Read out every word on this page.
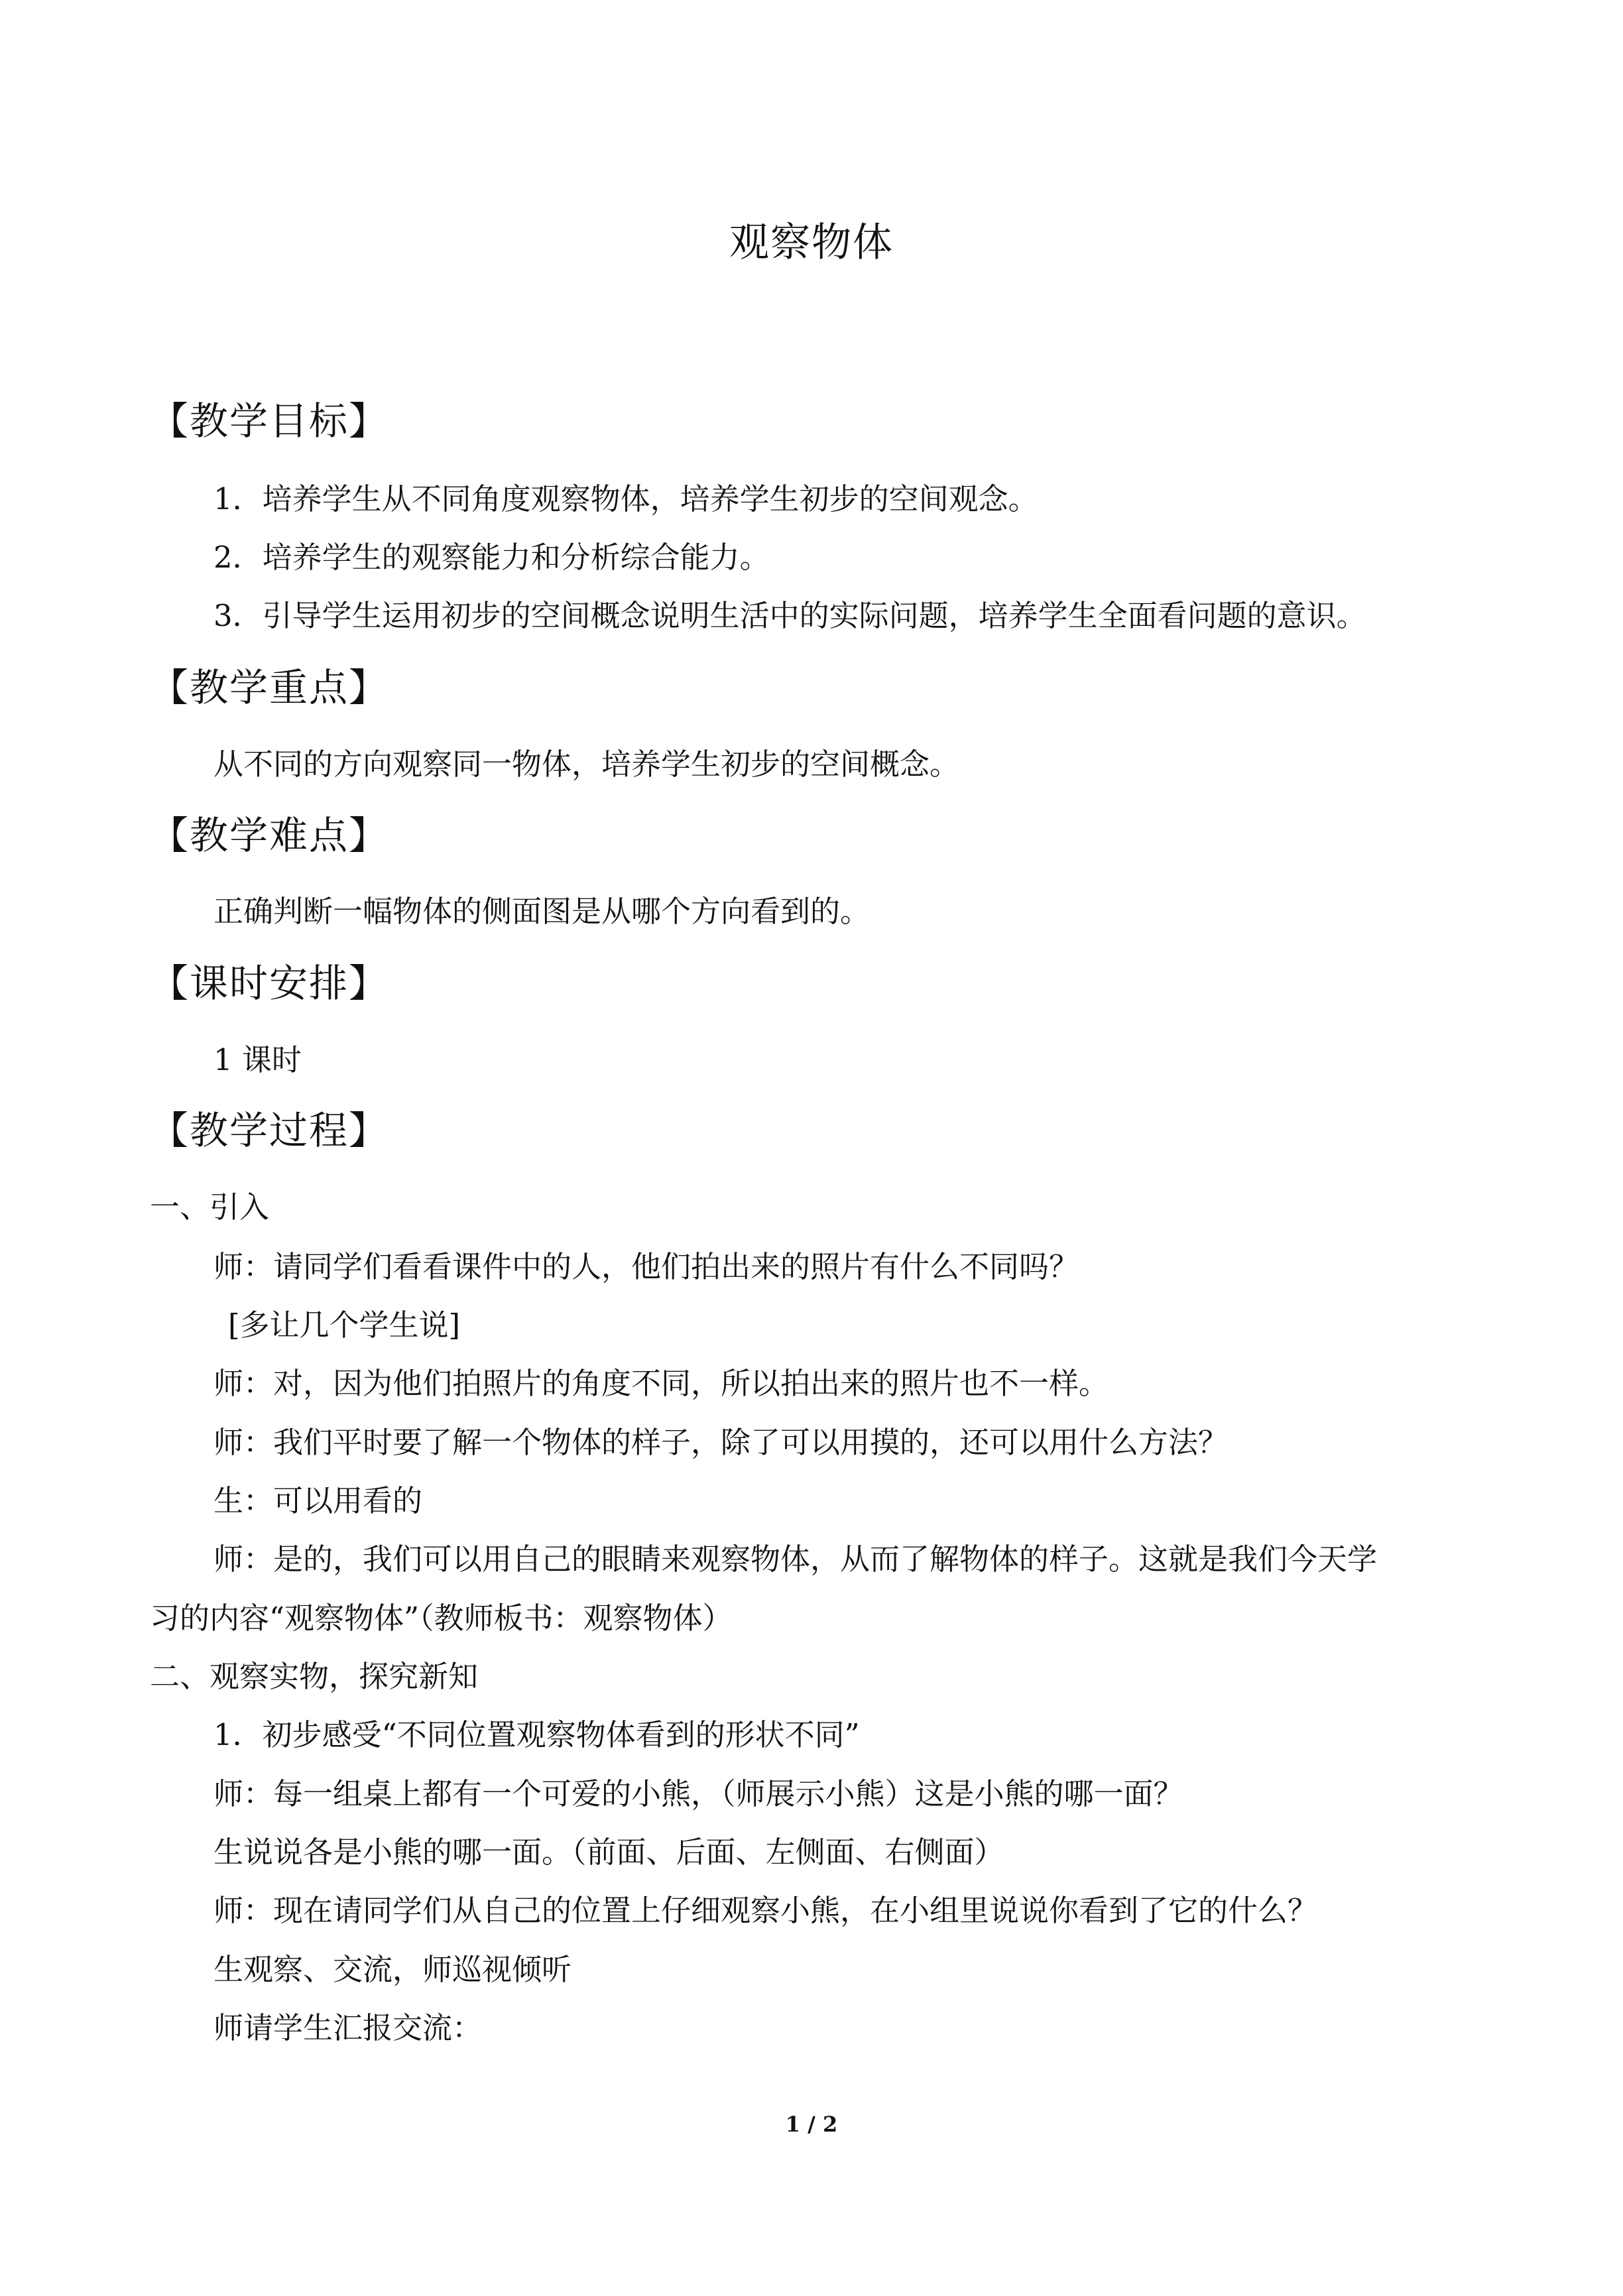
观察物体
【教学目标】
1．培养学生从不同角度观察物体，培养学生初步的空间观念。
2．培养学生的观察能力和分析综合能力。
3．引导学生运用初步的空间概念说明生活中的实际问题，培养学生全面看问题的意识。
【教学重点】
从不同的方向观察同一物体，培养学生初步的空间概念。
【教学难点】
正确判断一幅物体的侧面图是从哪个方向看到的。
【课时安排】
1 课时
【教学过程】
一、引入
师：请同学们看看课件中的人，他们拍出来的照片有什么不同吗？
[多让几个学生说]
师：对，因为他们拍照片的角度不同，所以拍出来的照片也不一样。
师：我们平时要了解一个物体的样子，除了可以用摸的，还可以用什么方法？
生：可以用看的
师：是的，我们可以用自己的眼睛来观察物体，从而了解物体的样子。这就是我们今天学
习的内容“观察物体”（教师板书：观察物体）
二、观察实物，探究新知
1．初步感受“不同位置观察物体看到的形状不同”
师：每一组桌上都有一个可爱的小熊，（师展示小熊）这是小熊的哪一面？
生说说各是小熊的哪一面。（前面、后面、左侧面、右侧面）
师：现在请同学们从自己的位置上仔细观察小熊，在小组里说说你看到了它的什么？
生观察、交流，师巡视倾听
师请学生汇报交流：
1 / 2
